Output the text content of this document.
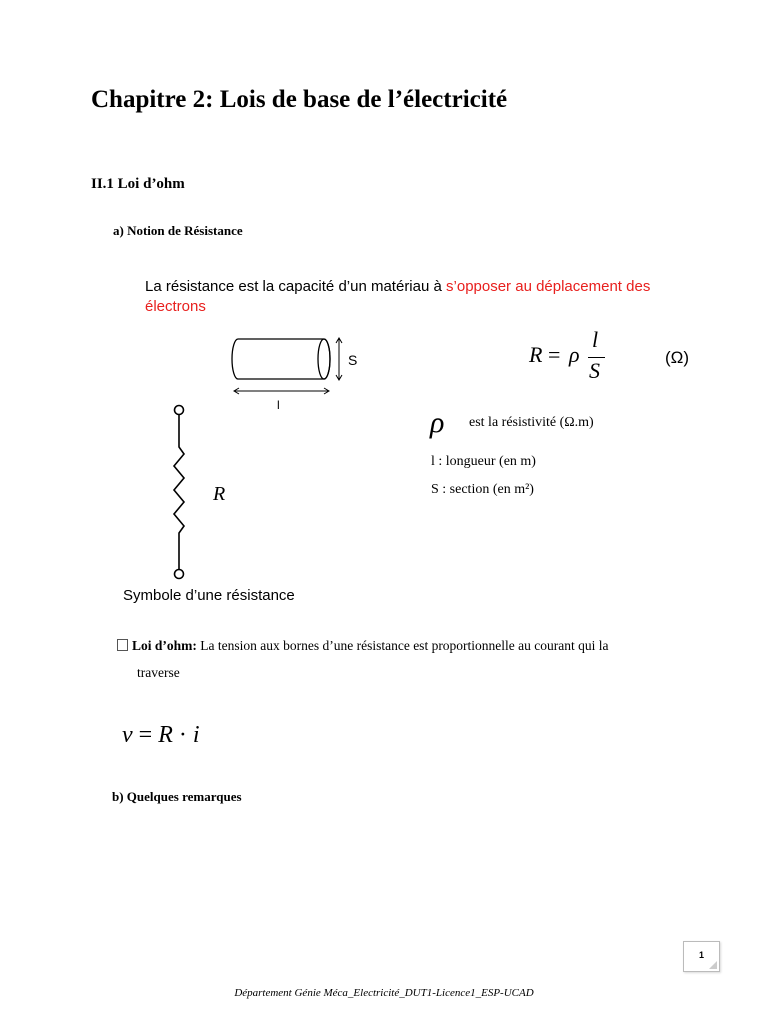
Chapitre 2: Lois de base de l’électricité
II.1 Loi d’ohm
a) Notion de Résistance

La résistance est la capacité d’un matériau à s’opposer au déplacement des électrons

S
l
R = ρ
l
S
(Ω)
R
Symbole d’une résistance
ρ est la résistivité (Ω.m)
l : longueur (en m)
S : section (en m²)
Loi d’ohm: La tension aux bornes d’une résistance est proportionnelle au courant qui la
traverse
v = R · i
b) Quelques remarques
1
Département Génie Méca_Electricité_DUT1-Licence1_ESP-UCAD
